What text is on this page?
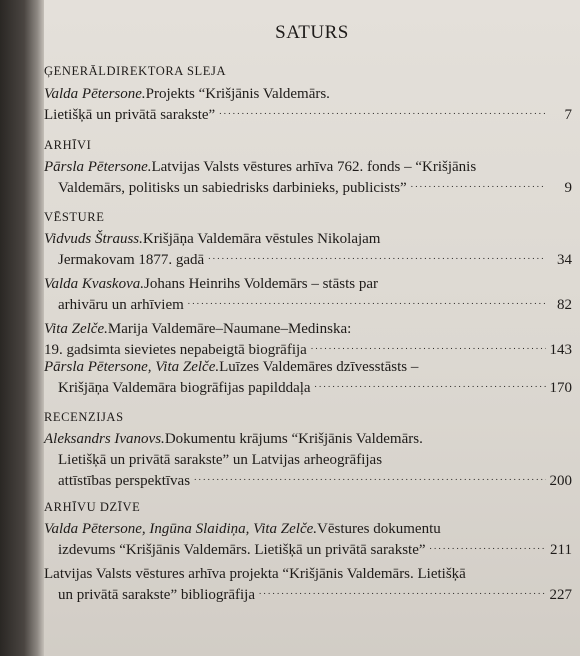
SATURS
ĢENERĀLDIREKTORA SLEJA
Valda Pētersone. Projekts “Krišjānis Valdemārs.
Lietišķā un privātā sarakste” . . .	7
ARHĪVI
Pārsla Pētersone. Latvijas Valsts vēstures arhīva 762. fonds – “Krišjānis
Valdemārs, politisks un sabiedrisks darbinieks, publicists” . . .	9
VĒSTURE
Vidvuds Štrauss. Krišjāņa Valdemāra vēstules Nikolajam
Jermakovam 1877. gadā . . .	34
Valda Kvaskova. Johans Heinrihs Voldemārs – stāsts par
arhivāru un arhīviem . . .	82
Vita Zelče. Marija Valdemāre–Naumane–Medinska:
19. gadsimta sievietes nepabeigtā biogrāfija . . .	143
Pārsla Pētersone, Vita Zelče. Luīzes Valdemāres dzīvesstāsts –
Krišjāņa Valdemāra biogrāfijas papilddaļa . . .	170
RECENZIJAS
Aleksandrs Ivanovs. Dokumentu krājums “Krišjānis Valdemārs.
Lietišķā un privātā sarakste” un Latvijas arheogrāfijas
attīstības perspektīvas . . .	200
ARHĪVU DZĪVE
Valda Pētersone, Ingūna Slaidiņa, Vita Zelče. Vēstures dokumentu
izdevums “Krišjānis Valdemārs. Lietišķā un privātā sarakste” . . .	211
Latvijas Valsts vēstures arhīva projekta “Krišjānis Valdemārs. Lietišķā
un privātā sarakste” bibliogrāfija . . .	227
